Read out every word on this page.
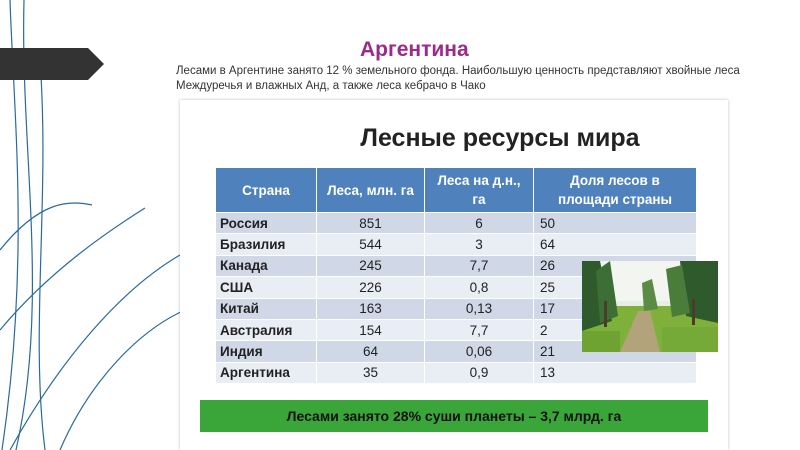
Аргентина
Лесами в Аргентине занято 12 % земельного фонда. Наибольшую ценность представляют хвойные леса Междуречья и влажных Анд, а также леса кебрачо в Чако
Лесные ресурсы мира
Страна	Леса, млн. га	Леса на д.н., га	Доля лесов в площади страны
Россия	851	6	50
Бразилия	544	3	64
Канада	245	7,7	26
США	226	0,8	25
Китай	163	0,13	17
Австралия	154	7,7	2
Индия	64	0,06	21
Аргентина	35	0,9	13
Лесами занято 28% суши планеты – 3,7 млрд. га
